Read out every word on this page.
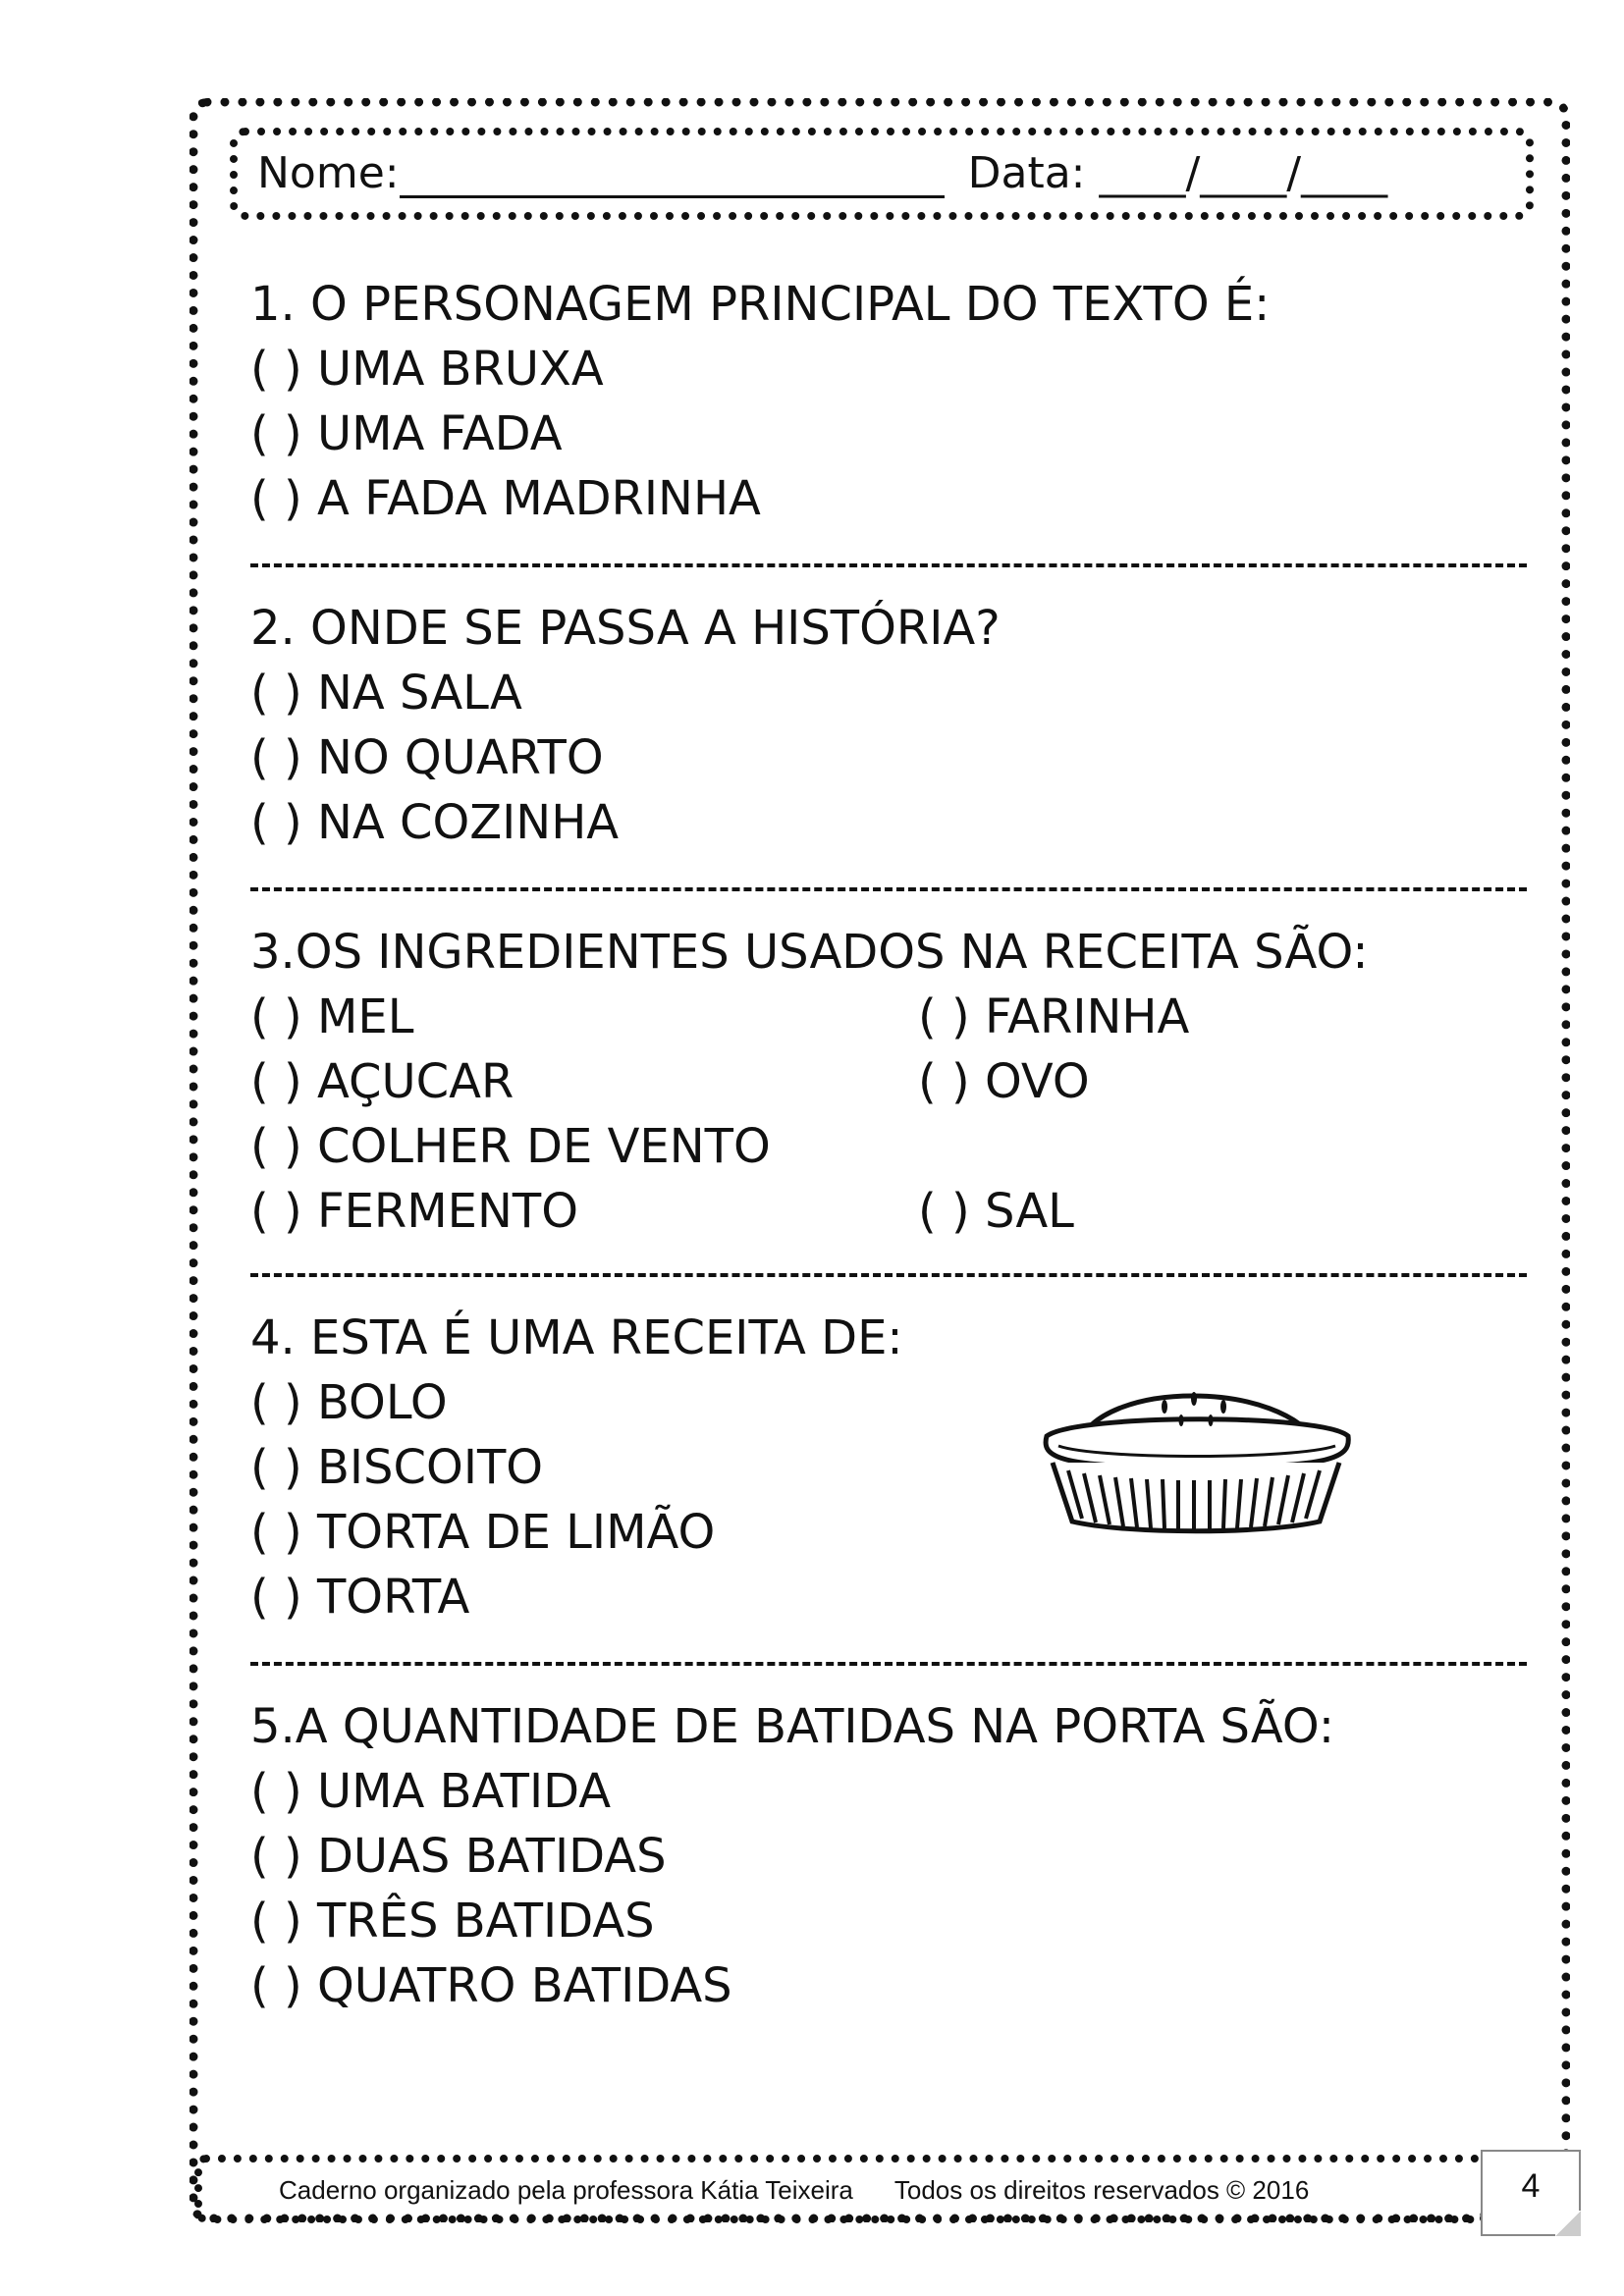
Nome:	Data: ____/____/____
1. O PERSONAGEM PRINCIPAL DO TEXTO É:
( ) UMA BRUXA
( ) UMA FADA
( ) A FADA MADRINHA
2. ONDE SE PASSA A HISTÓRIA?
( ) NA SALA
( ) NO QUARTO
( ) NA COZINHA
3.OS INGREDIENTES USADOS NA RECEITA SÃO:
( ) MEL	( ) FARINHA
( ) AÇUCAR	( ) OVO
( ) COLHER DE VENTO
( ) FERMENTO	( ) SAL
4. ESTA É UMA RECEITA DE:
( ) BOLO
( ) BISCOITO
( ) TORTA DE LIMÃO
( ) TORTA
5.A QUANTIDADE DE BATIDAS NA PORTA SÃO:
( ) UMA BATIDA
( ) DUAS BATIDAS
( ) TRÊS BATIDAS
( ) QUATRO BATIDAS
Caderno organizado pela professora Kátia Teixeira Todos os direitos reservados © 2016	4
